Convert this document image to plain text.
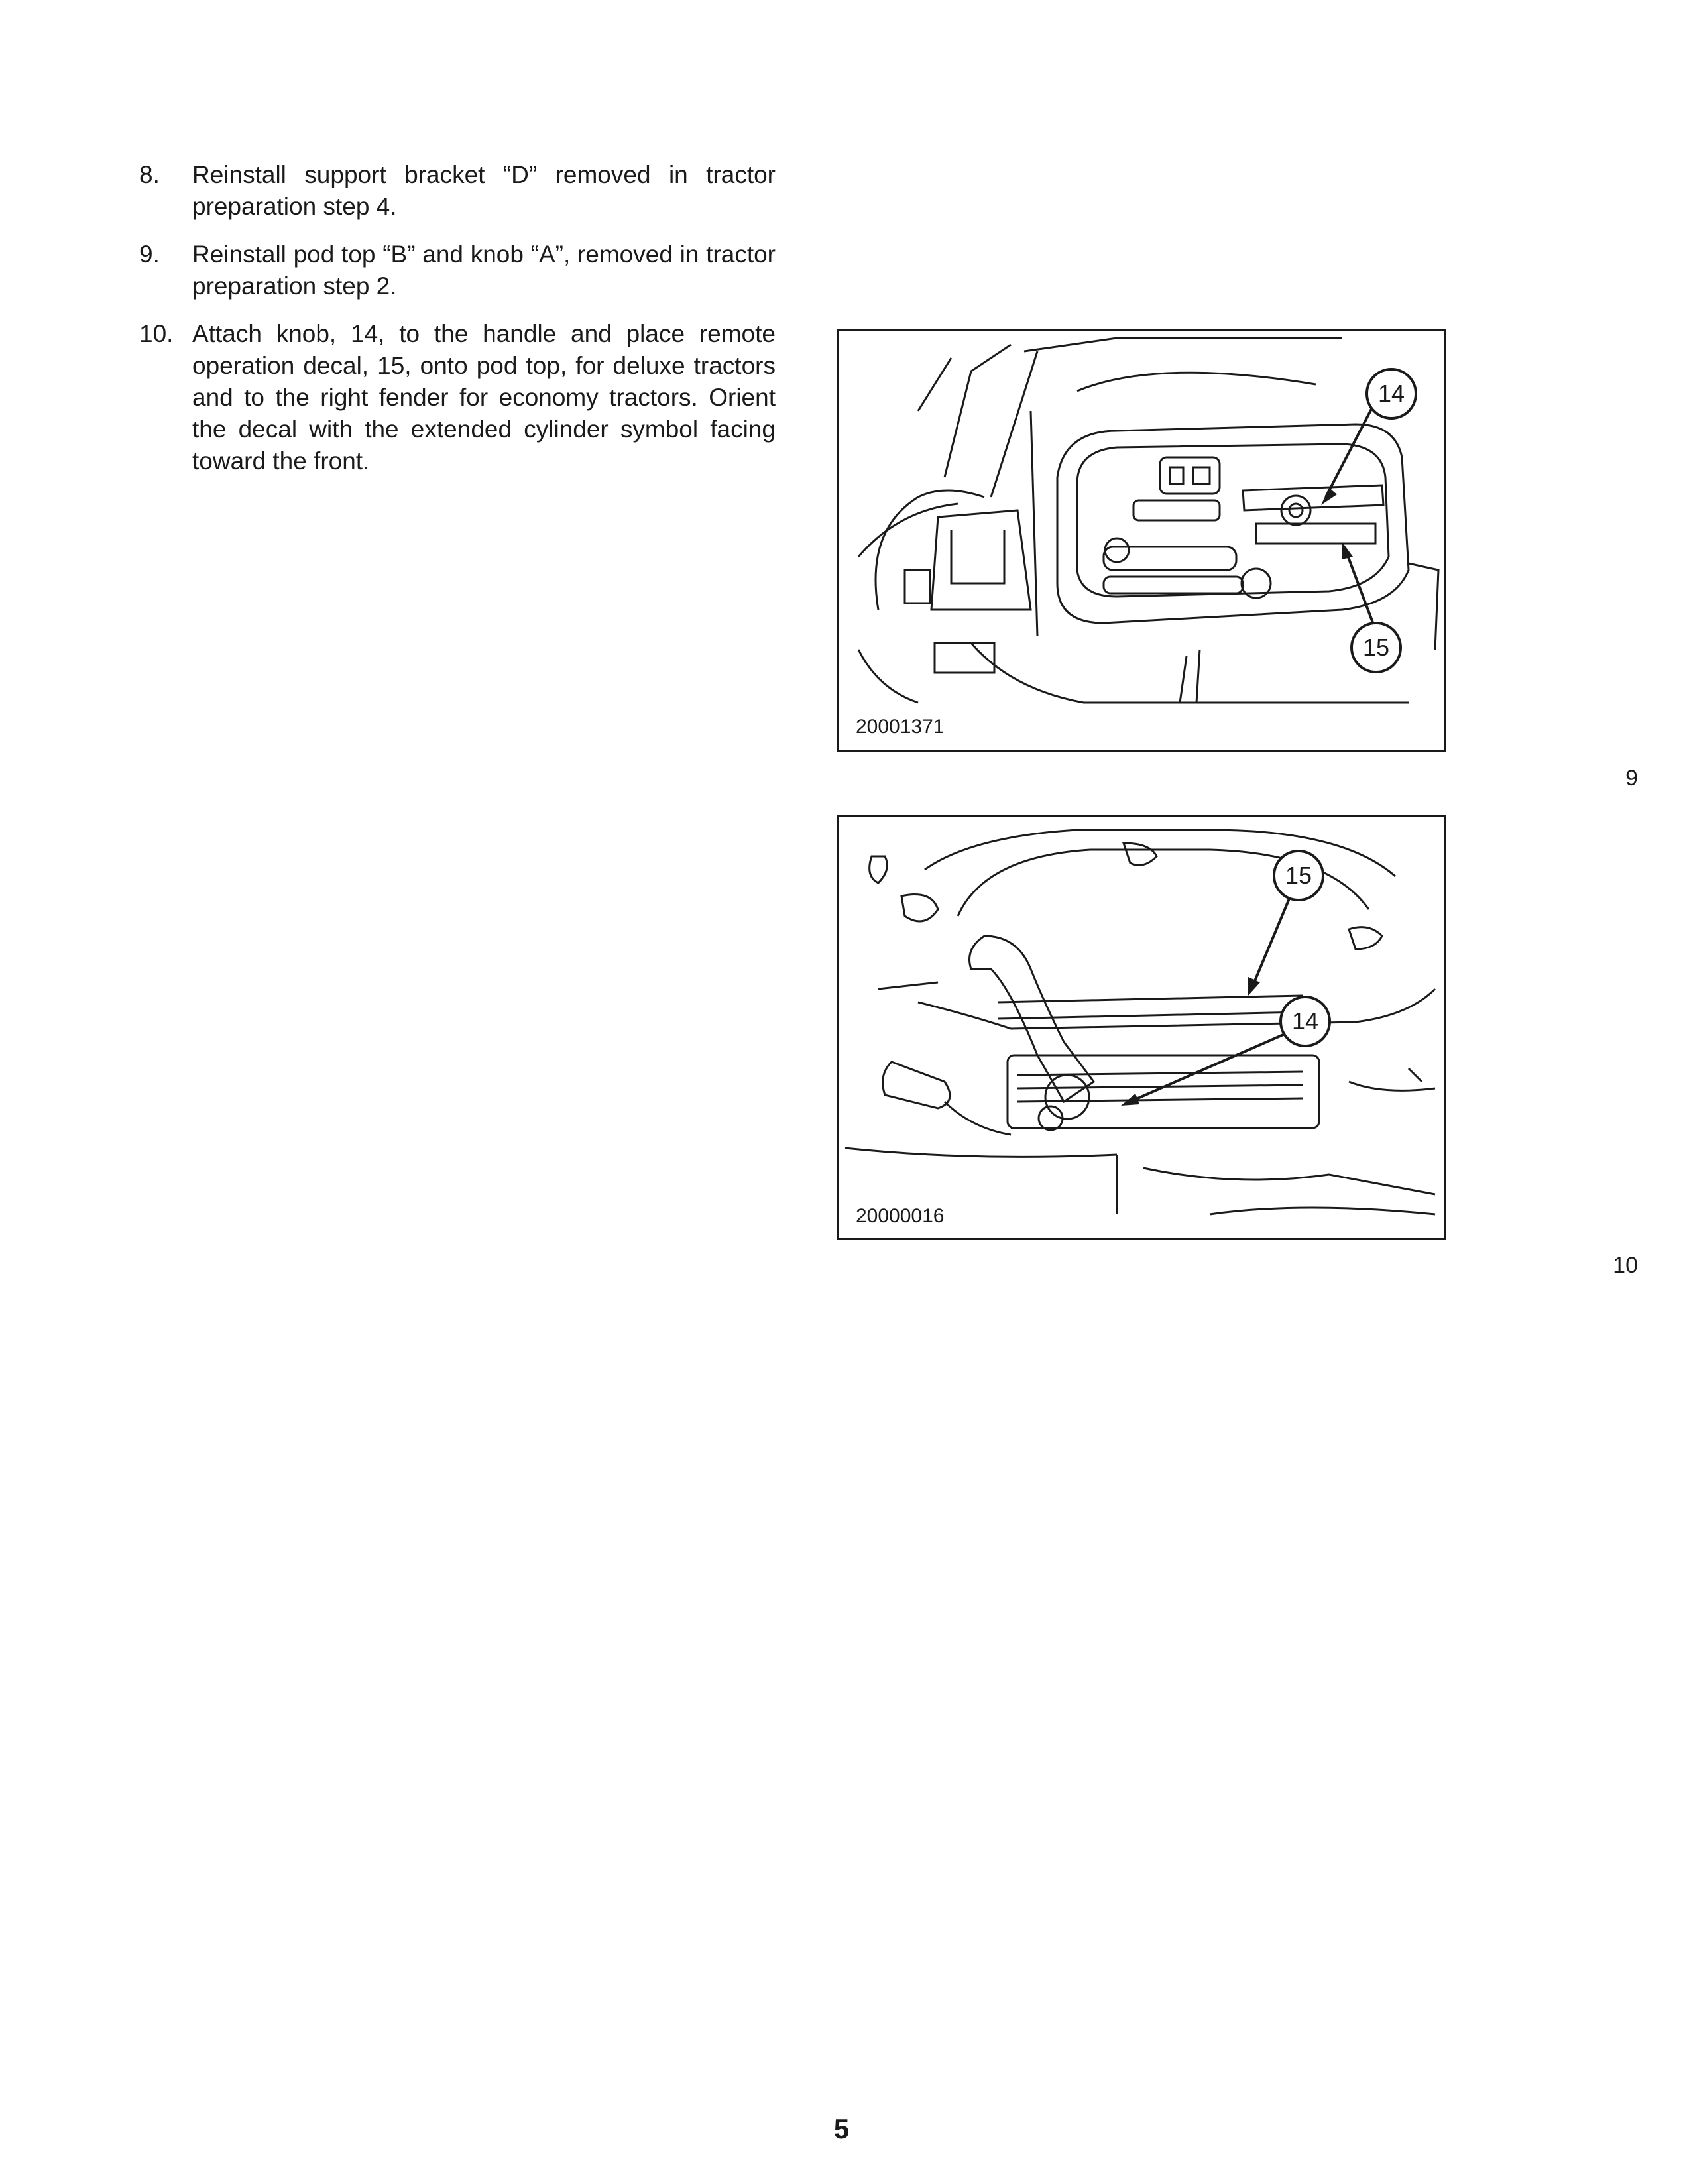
8.	Reinstall support bracket “D” removed in tractor preparation step 4.
9.	Reinstall pod top “B” and knob “A”, removed in tractor preparation step 2.
10. Attach knob, 14, to the handle and place remote operation decal, 15, onto pod top, for deluxe tractors and to the right fender for economy tractors. Orient the decal with the extended cylinder symbol facing toward the front.
14
15
20001371
9
15
14
20000016
10
5
